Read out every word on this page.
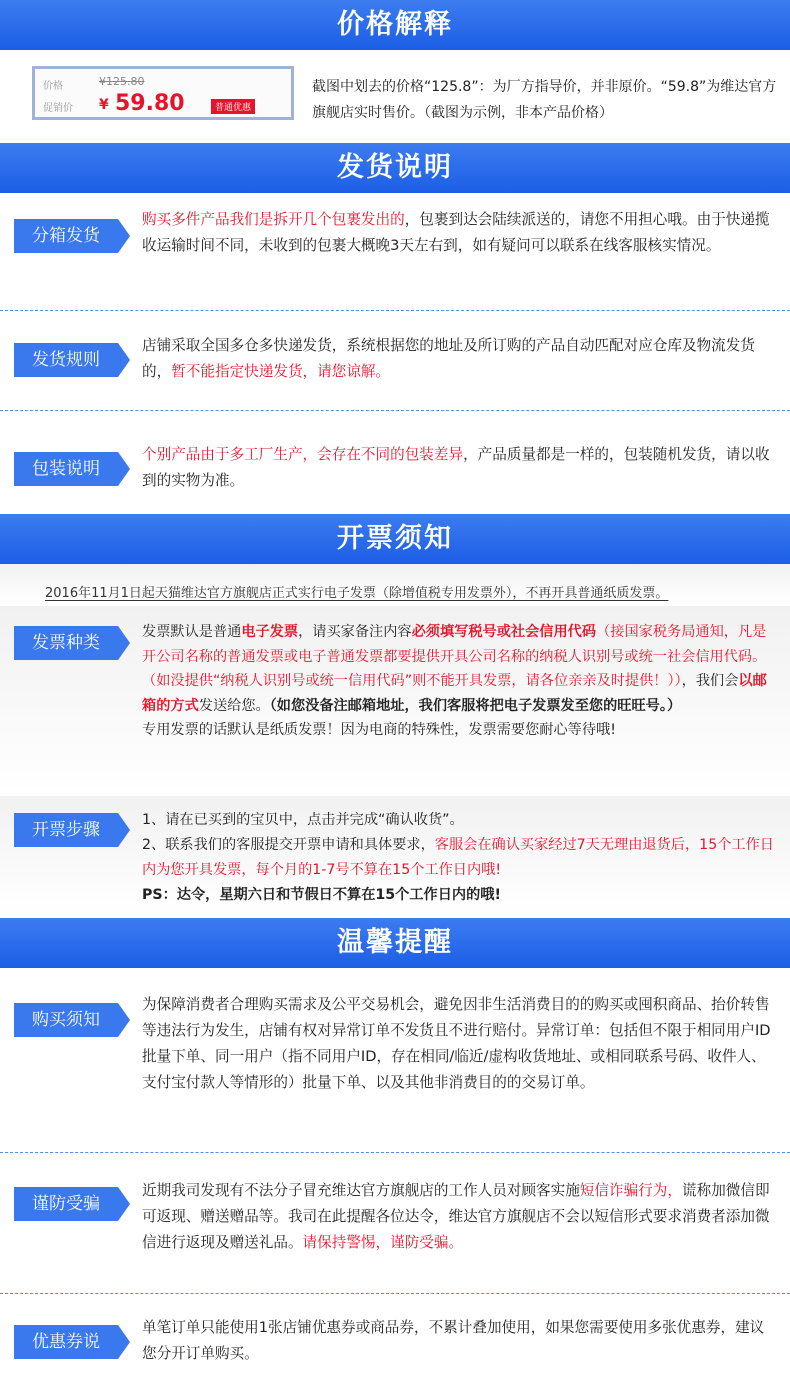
价格解释
价格
促销价
¥125.80
¥ 59.80	普通优惠
截图中划去的价格“125.8”：为厂方指导价，并非原价。“59.8”为维达官方旗舰店实时售价。（截图为示例，非本产品价格）
发货说明
分箱发货
购买多件产品我们是拆开几个包裹发出的，包裹到达会陆续派送的，请您不用担心哦。由于快递揽收运输时间不同，未收到的包裹大概晚3天左右到，如有疑问可以联系在线客服核实情况。
发货规则
店铺采取全国多仓多快递发货，系统根据您的地址及所订购的产品自动匹配对应仓库及物流发货的，暂不能指定快递发货，请您谅解。
包装说明
个别产品由于多工厂生产，会存在不同的包装差异，产品质量都是一样的，包装随机发货，请以收到的实物为准。
开票须知
2016年11月1日起天猫维达官方旗舰店正式实行电子发票（除增值税专用发票外），不再开具普通纸质发票。
发票种类
发票默认是普通电子发票，请买家备注内容必须填写税号或社会信用代码（接国家税务局通知，凡是开公司名称的普通发票或电子普通发票都要提供开具公司名称的纳税人识别号或统一社会信用代码。（如没提供“纳税人识别号或统一信用代码”则不能开具发票，请各位亲亲及时提供！）），我们会以邮箱的方式发送给您。（如您没备注邮箱地址，我们客服将把电子发票发至您的旺旺号。）
专用发票的话默认是纸质发票！因为电商的特殊性，发票需要您耐心等待哦!
开票步骤	1、请在已买到的宝贝中，点击并完成“确认收货”。
2、联系我们的客服提交开票申请和具体要求，客服会在确认买家经过7天无理由退货后，15个工作日内为您开具发票，每个月的1-7号不算在15个工作日内哦!
PS：达令，星期六日和节假日不算在15个工作日内的哦!
温馨提醒
购买须知
为保障消费者合理购买需求及公平交易机会，避免因非生活消费目的的购买或囤积商品、抬价转售等违法行为发生，店铺有权对异常订单不发货且不进行赔付。异常订单：包括但不限于相同用户ID批量下单、同一用户（指不同用户ID，存在相同/临近/虚构收货地址、或相同联系号码、收件人、支付宝付款人等情形的）批量下单、以及其他非消费目的的交易订单。
谨防受骗
近期我司发现有不法分子冒充维达官方旗舰店的工作人员对顾客实施短信诈骗行为，谎称加微信即可返现、赠送赠品等。我司在此提醒各位达令，维达官方旗舰店不会以短信形式要求消费者添加微信进行返现及赠送礼品。请保持警惕，谨防受骗。
优惠券说明
单笔订单只能使用1张店铺优惠券或商品券，不累计叠加使用，如果您需要使用多张优惠券，建议您分开订单购买。
